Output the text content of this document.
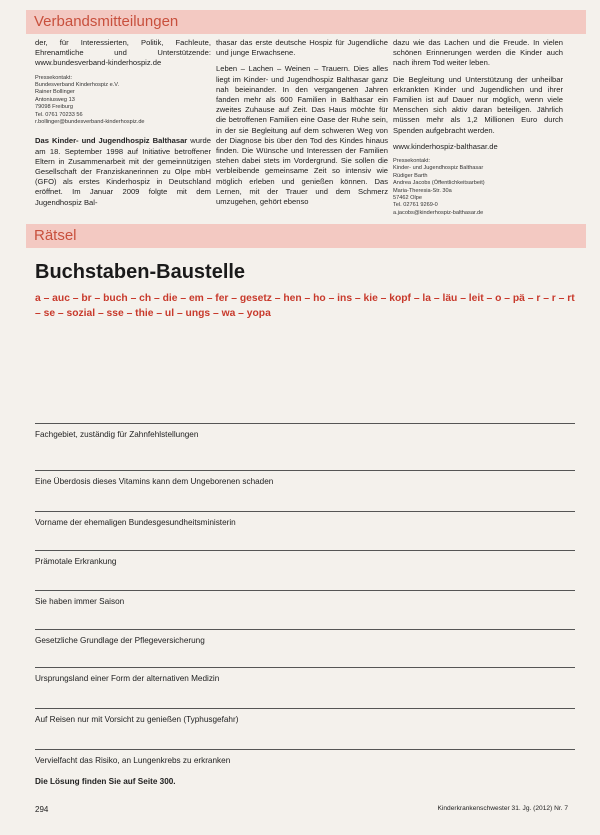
Verbandsmitteilungen

der, für Interessierten, Politik, Fachleute, Ehrenamtliche und Unterstützende: www.bundesverband-kinderhospiz.de

Pressekontakt:
Bundesverband Kinderhospiz e.V.
Rainer Bollinger
Antoniusweg 13
79098 Freiburg
Tel. 0761 70233 56
r.bollinger@bundesverband-kinderhospiz.de

Das Kinder- und Jugendhospiz Balthasar wurde am 18. September 1998 auf Initiative betroffener Eltern in Zusammenarbeit mit der gemeinnützigen Gesellschaft der Franziskanerinnen zu Olpe mbH (GFO) als erstes Kinderhospiz in Deutschland eröffnet. Im Januar 2009 folgte mit dem Jugendhospiz Bal-

thasar das erste deutsche Hospiz für Jugendliche und junge Erwachsene.

Leben – Lachen – Weinen – Trauern. Dies alles liegt im Kinder- und Jugendhospiz Balthasar ganz nah beieinander. In den vergangenen Jahren fanden mehr als 600 Familien in Balthasar ein zweites Zuhause auf Zeit. Das Haus möchte für die betroffenen Familien eine Oase der Ruhe sein, in der sie Begleitung auf dem schweren Weg von der Diagnose bis über den Tod des Kindes hinaus finden. Die Wünsche und Interessen der Familien stehen dabei stets im Vordergrund. Sie sollen die verbleibende gemeinsame Zeit so intensiv wie möglich erleben und genießen können. Das Lernen, mit der Trauer und dem Schmerz umzugehen, gehört ebenso

dazu wie das Lachen und die Freude. In vielen schönen Erinnerungen werden die Kinder auch nach ihrem Tod weiter leben.

Die Begleitung und Unterstützung der unheilbar erkrankten Kinder und Jugendlichen und ihrer Familien ist auf Dauer nur möglich, wenn viele Menschen sich aktiv daran beteiligen. Jährlich müssen mehr als 1,2 Millionen Euro durch Spenden aufgebracht werden.

www.kinderhospiz-balthasar.de

Pressekontakt:
Kinder- und Jugendhospiz Balthasar
Rüdiger Barth
Andrea Jacobs (Öffentlichkeitsarbeit)
Maria-Theresia-Str. 30a
57462 Olpe
Tel. 02761 9269-0
a.jacobs@kinderhospiz-balthasar.de
Rätsel
Buchstaben-Baustelle
a – auc – br – buch – ch – die – em – fer – gesetz – hen – ho – ins – kie – kopf – la – läu – leit – o – pä – r – r – rt – se – sozial – sse – thie – ul – ungs – wa – yopa
Fachgebiet, zuständig für Zahnfehlstellungen
Eine Überdosis dieses Vitamins kann dem Ungeborenen schaden
Vorname der ehemaligen Bundesgesundheitsministerin
Prämotale Erkrankung
Sie haben immer Saison
Gesetzliche Grundlage der Pflegeversicherung
Ursprungsland einer Form der alternativen Medizin
Auf Reisen nur mit Vorsicht zu genießen (Typhusgefahr)
Vervielfacht das Risiko, an Lungenkrebs zu erkranken
Die Lösung finden Sie auf Seite 300.
294	Kinderkrankenschwester 31. Jg. (2012) Nr. 7
